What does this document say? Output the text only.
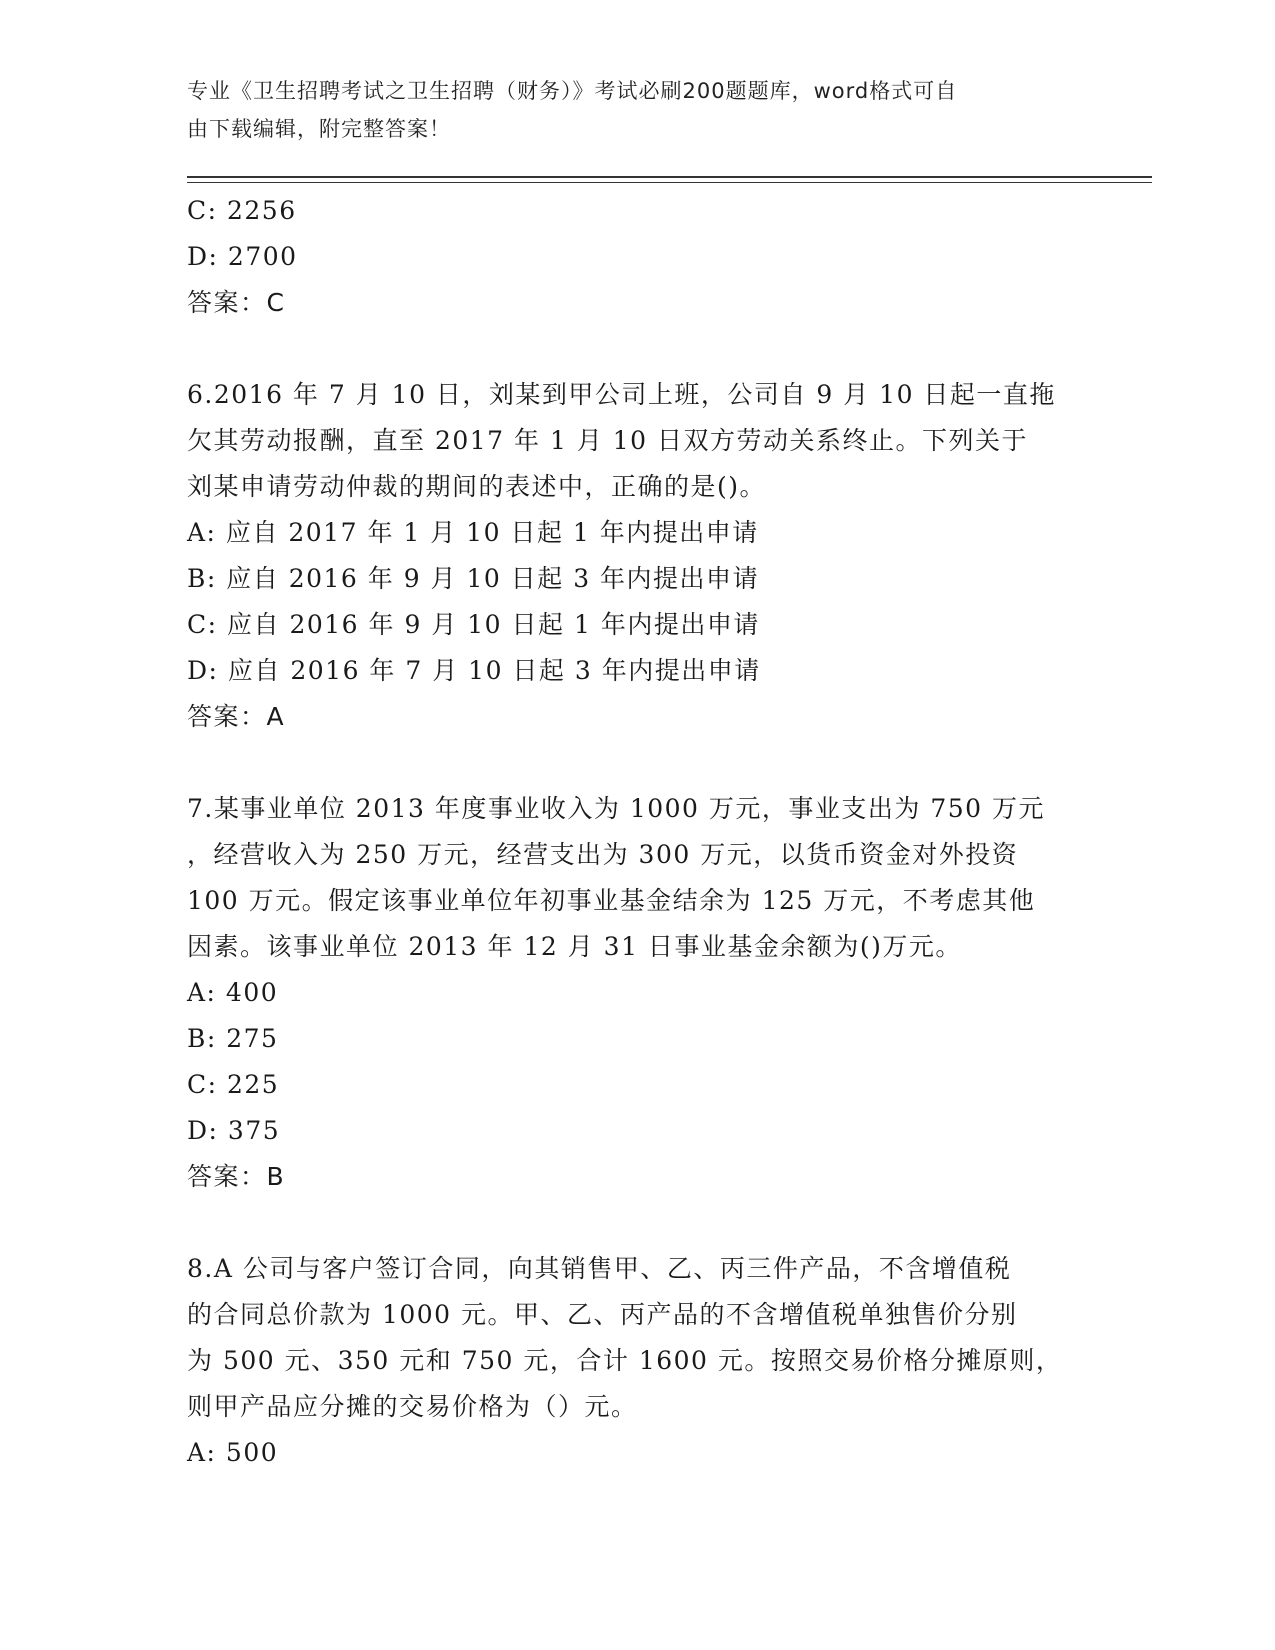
专业《卫生招聘考试之卫生招聘（财务）》考试必刷200题题库，word格式可自
由下载编辑，附完整答案！
C: 2256
D: 2700
答案：C
6.2016 年 7 月 10 日，刘某到甲公司上班，公司自 9 月 10 日起一直拖
欠其劳动报酬，直至 2017 年 1 月 10 日双方劳动关系终止。下列关于
刘某申请劳动仲裁的期间的表述中，正确的是()。
A: 应自 2017 年 1 月 10 日起 1 年内提出申请
B: 应自 2016 年 9 月 10 日起 3 年内提出申请
C: 应自 2016 年 9 月 10 日起 1 年内提出申请
D: 应自 2016 年 7 月 10 日起 3 年内提出申请
答案：A
7.某事业单位 2013 年度事业收入为 1000 万元，事业支出为 750 万元
，经营收入为 250 万元，经营支出为 300 万元，以货币资金对外投资
100 万元。假定该事业单位年初事业基金结余为 125 万元，不考虑其他
因素。该事业单位 2013 年 12 月 31 日事业基金余额为()万元。
A: 400
B: 275
C: 225
D: 375
答案：B
8.A 公司与客户签订合同，向其销售甲、乙、丙三件产品，不含增值税
的合同总价款为 1000 元。甲、乙、丙产品的不含增值税单独售价分别
为 500 元、350 元和 750 元，合计 1600 元。按照交易价格分摊原则，
则甲产品应分摊的交易价格为（）元。
A: 500
